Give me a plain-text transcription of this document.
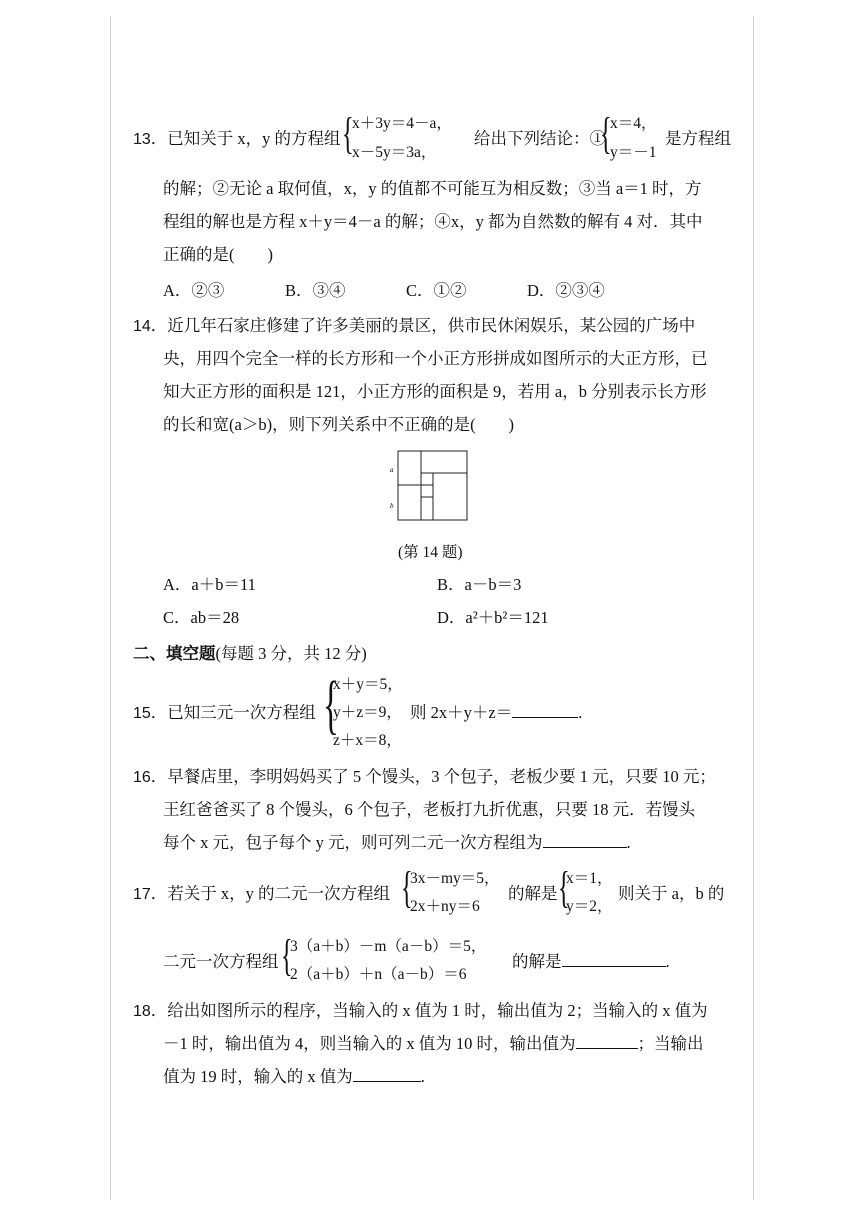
13．已知关于 x，y 的方程组 {
x＋3y＝4－a，
x－5y＝3a，
给出下列结论：①
{
x＝4，
y＝－1
是方程组
的解；②无论 a 取何值，x，y 的值都不可能互为相反数；③当 a＝1 时，方
程组的解也是方程 x＋y＝4－a 的解；④x，y 都为自然数的解有 4 对．其中
正确的是(　　)
A．②③	B．③④	C．①②	D．②③④
14．近几年石家庄修建了许多美丽的景区，供市民休闲娱乐，某公园的广场中
央，用四个完全一样的长方形和一个小正方形拼成如图所示的大正方形，已
知大正方形的面积是 121，小正方形的面积是 9，若用 a，b 分别表示长方形
的长和宽(a＞b)，则下列关系中不正确的是(　　)
a
b
(第 14 题)
A．a＋b＝11	B．a－b＝3
C．ab＝28	D．a²＋b²＝121
二、填空题(每题 3 分，共 12 分)
15．已知三元一次方程组 {
x＋y＝5，
y＋z＝9，
z＋x＝8，
则 2x＋y＋z＝	.
16．早餐店里，李明妈妈买了 5 个馒头，3 个包子，老板少要 1 元，只要 10 元；
王红爸爸买了 8 个馒头，6 个包子，老板打九折优惠，只要 18 元．若馒头
每个 x 元，包子每个 y 元，则可列二元一次方程组为	.
17．若关于 x，y 的二元一次方程组 {
3x－my＝5，
2x＋ny＝6
的解是 {
x＝1，
y＝2，
则关于 a，b 的
二元一次方程组 {
3（a＋b）－m（a－b）＝5，
2（a＋b）＋n（a－b）＝6
的解是	.
18．给出如图所示的程序，当输入的 x 值为 1 时，输出值为 2；当输入的 x 值为
－1 时，输出值为 4，则当输入的 x 值为 10 时，输出值为	；当输出
值为 19 时，输入的 x 值为	.
